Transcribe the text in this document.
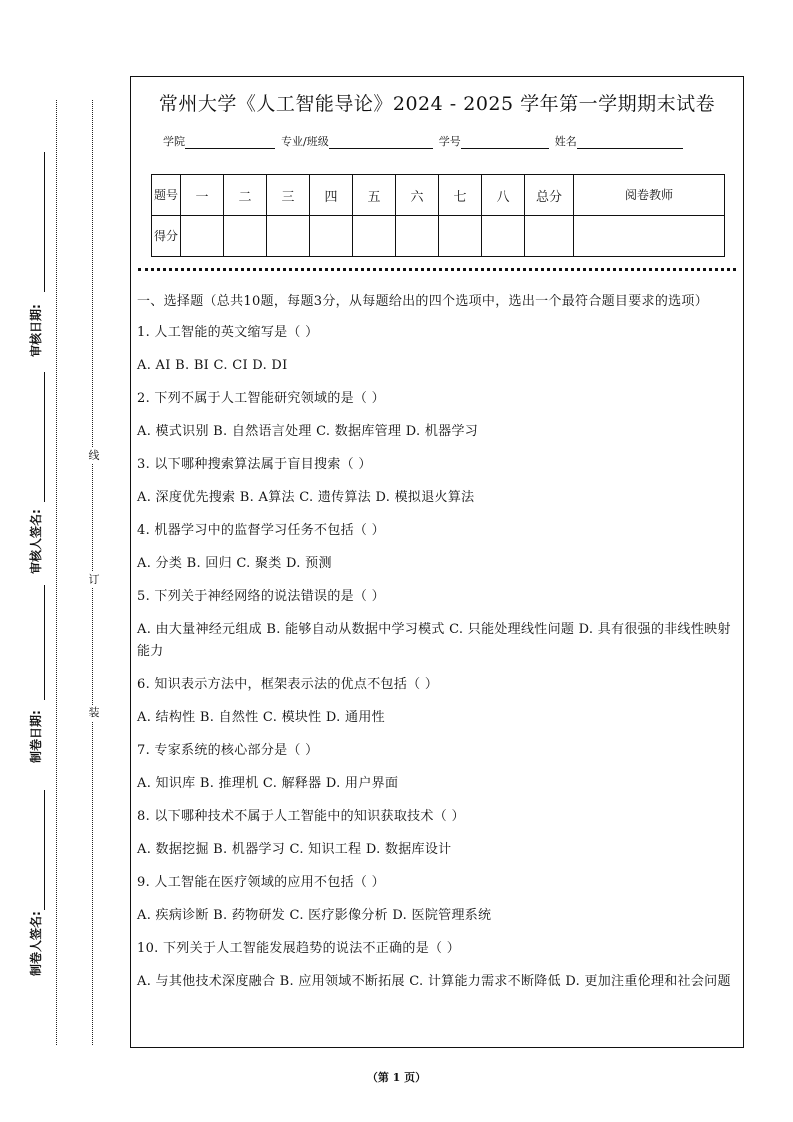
审核日期:
审核人签名:
制卷日期:
制卷人签名:
线
订
装
常州大学《人工智能导论》2024 - 2025 学年第一学期期末试卷
学院	专业/班级	学号	姓名
题号	一	二	三	四	五	六	七	八	总分	阅卷教师
得分										

一、选择题（总共10题，每题3分，从每题给出的四个选项中，选出一个最符合题目要求的选项）

1. 人工智能的英文缩写是（ ）

A. AI B. BI C. CI D. DI

2. 下列不属于人工智能研究领域的是（ ）

A. 模式识别 B. 自然语言处理 C. 数据库管理 D. 机器学习

3. 以下哪种搜索算法属于盲目搜索（ ）

A. 深度优先搜索 B. A算法 C. 遗传算法 D. 模拟退火算法

4. 机器学习中的监督学习任务不包括（ ）

A. 分类 B. 回归 C. 聚类 D. 预测

5. 下列关于神经网络的说法错误的是（ ）

A. 由大量神经元组成 B. 能够自动从数据中学习模式 C. 只能处理线性问题 D. 具有很强的非线性映射能力

6. 知识表示方法中，框架表示法的优点不包括（ ）

A. 结构性 B. 自然性 C. 模块性 D. 通用性

7. 专家系统的核心部分是（ ）

A. 知识库 B. 推理机 C. 解释器 D. 用户界面

8. 以下哪种技术不属于人工智能中的知识获取技术（ ）

A. 数据挖掘 B. 机器学习 C. 知识工程 D. 数据库设计

9. 人工智能在医疗领域的应用不包括（ ）

A. 疾病诊断 B. 药物研发 C. 医疗影像分析 D. 医院管理系统

10. 下列关于人工智能发展趋势的说法不正确的是（ ）

A. 与其他技术深度融合 B. 应用领域不断拓展 C. 计算能力需求不断降低 D. 更加注重伦理和社会问题

（第 1 页）
